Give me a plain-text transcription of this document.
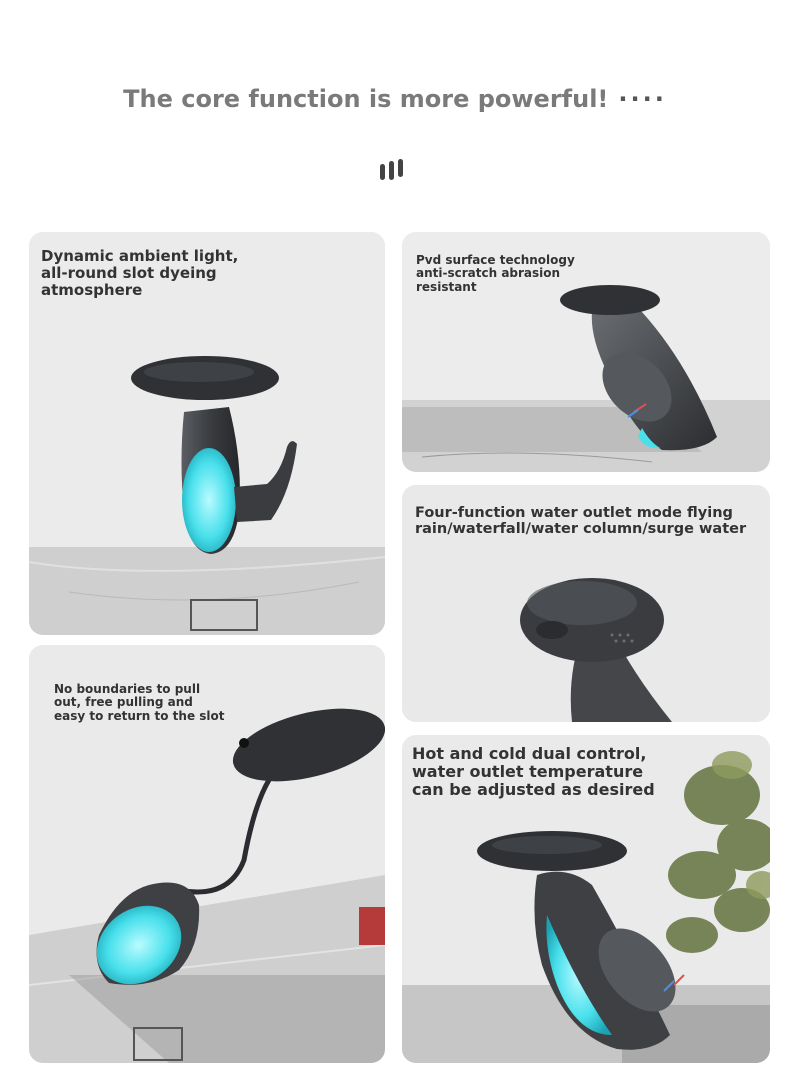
The core function is more powerful! ····
Dynamic ambient light,
all-round slot dyeing
atmosphere
Pvd surface technology
anti-scratch abrasion
resistant
Four-function water outlet mode flying
rain/waterfall/water column/surge water
No boundaries to pull
out, free pulling and
easy to return to the slot
Hot and cold dual control,
water outlet temperature
can be adjusted as desired
